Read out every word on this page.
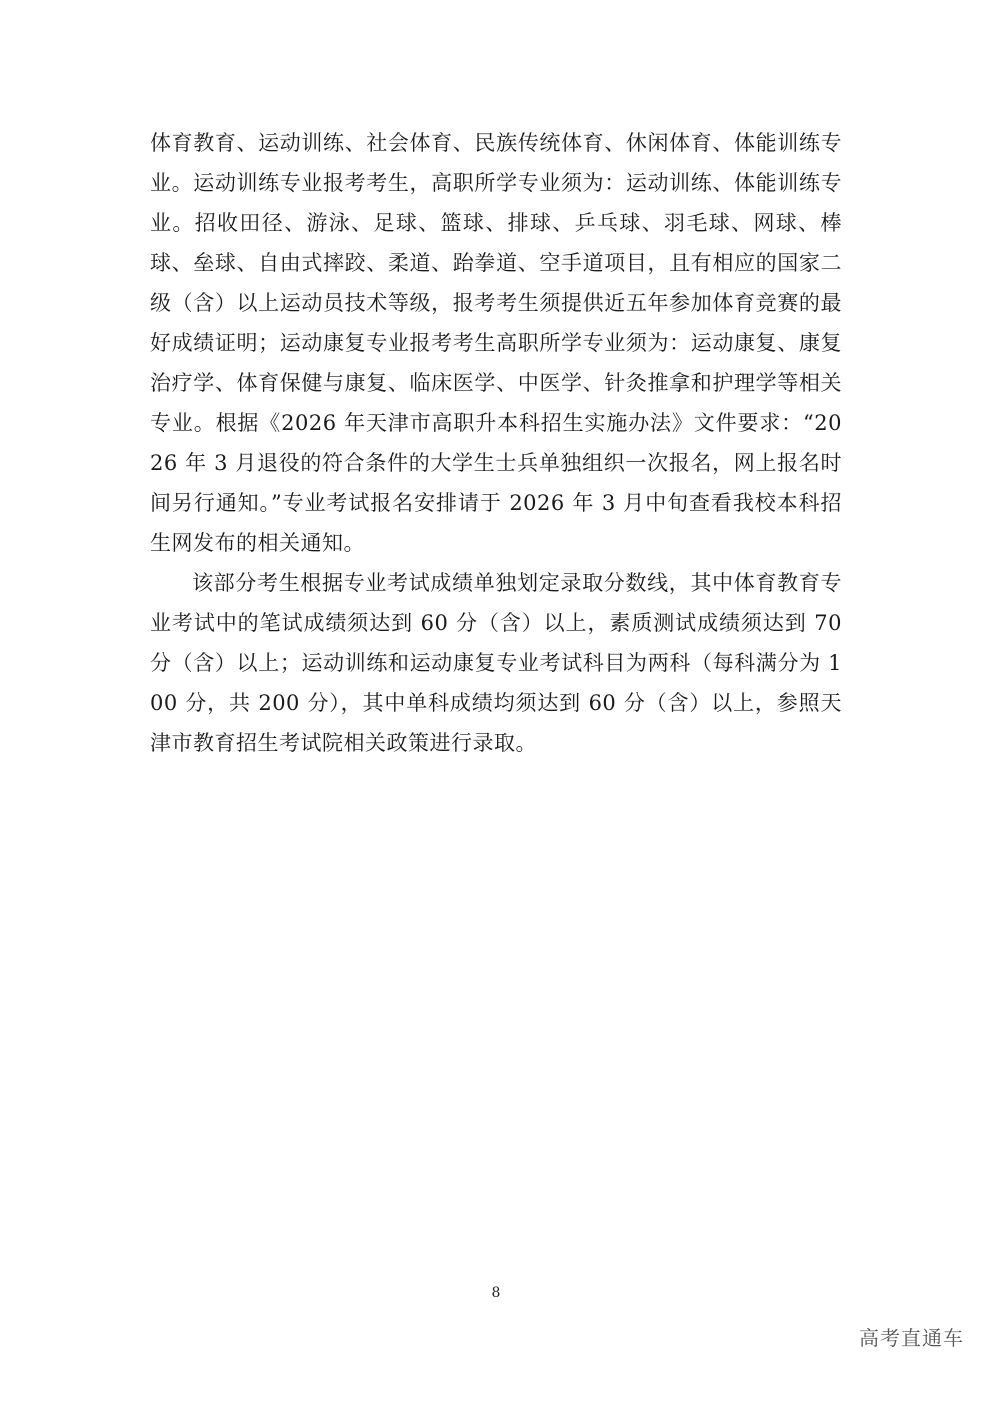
体育教育、运动训练、社会体育、民族传统体育、休闲体育、体能训练专业。运动训练专业报考考生，高职所学专业须为：运动训练、体能训练专业。招收田径、游泳、足球、篮球、排球、乒乓球、羽毛球、网球、棒球、垒球、自由式摔跤、柔道、跆拳道、空手道项目，且有相应的国家二级（含）以上运动员技术等级，报考考生须提供近五年参加体育竞赛的最好成绩证明；运动康复专业报考考生高职所学专业须为：运动康复、康复治疗学、体育保健与康复、临床医学、中医学、针灸推拿和护理学等相关专业。根据《2026 年天津市高职升本科招生实施办法》文件要求：“2026 年 3 月退役的符合条件的大学生士兵单独组织一次报名，网上报名时间另行通知。”专业考试报名安排请于 2026 年 3 月中旬查看我校本科招生网发布的相关通知。

该部分考生根据专业考试成绩单独划定录取分数线，其中体育教育专业考试中的笔试成绩须达到 60 分（含）以上，素质测试成绩须达到 70 分（含）以上；运动训练和运动康复专业考试科目为两科（每科满分为 100 分，共 200 分），其中单科成绩均须达到 60 分（含）以上，参照天津市教育招生考试院相关政策进行录取。

8
高考直通车
